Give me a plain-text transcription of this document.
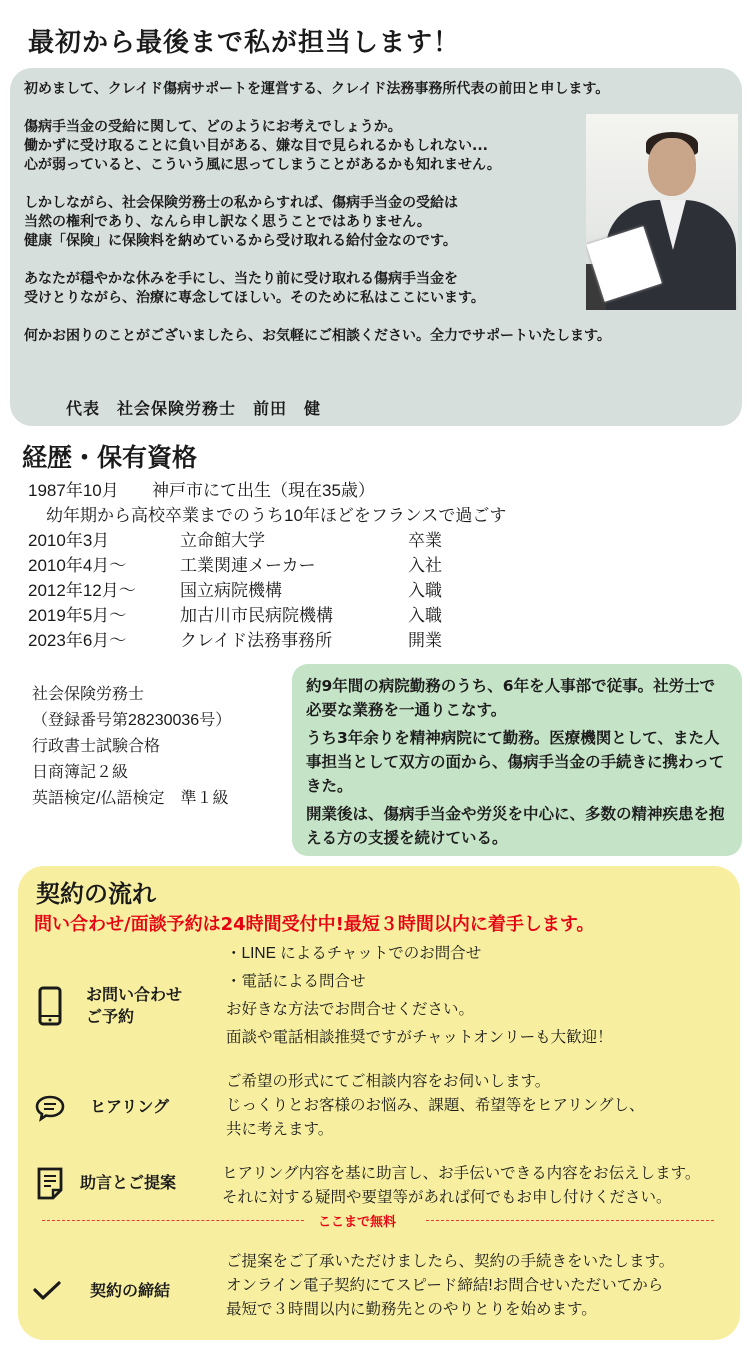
最初から最後まで私が担当します！

初めまして、クレイド傷病サポートを運営する、クレイド法務事務所代表の前田と申します。

傷病手当金の受給に関して、どのようにお考えでしょうか。

働かずに受け取ることに負い目がある、嫌な目で見られるかもしれない...

心が弱っていると、こういう風に思ってしまうことがあるかも知れません。

しかしながら、社会保険労務士の私からすれば、傷病手当金の受給は

当然の権利であり、なんら申し訳なく思うことではありません。

健康「保険」に保険料を納めているから受け取れる給付金なのです。

あなたが穏やかな休みを手にし、当たり前に受け取れる傷病手当金を

受けとりながら、治療に専念してほしい。そのために私はここにいます。

何かお困りのことがございましたら、お気軽にご相談ください。全力でサポートいたします。

代表　社会保険労務士　前田　健
経歴・保有資格
1987年10月 神戸市にて出生（現在35歳）
幼年期から高校卒業までのうち10年ほどをフランスで過ごす
2010年3月	立命館大学	卒業
2010年4月～	工業関連メーカー	入社
2012年12月～	国立病院機構	入職
2019年5月～	加古川市民病院機構	入職
2023年6月～	クレイド法務事務所	開業
社会保険労務士
（登録番号第28230036号）
行政書士試験合格
日商簿記２級
英語検定/仏語検定　準１級

約9年間の病院勤務のうち、6年を人事部で従事。社労士で必要な業務を一通りこなす。

うち3年余りを精神病院にて勤務。医療機関として、また人事担当として双方の面から、傷病手当金の手続きに携わってきた。

開業後は、傷病手当金や労災を中心に、多数の精神疾患を抱える方の支援を続けている。

契約の流れ
問い合わせ/面談予約は24時間受付中!最短３時間以内に着手します。
お問い合わせ
ご予約
・LINE によるチャットでのお問合せ
・電話による問合せ
お好きな方法でお問合せください。
面談や電話相談推奨ですがチャットオンリーも大歓迎！
ヒアリング
ご希望の形式にてご相談内容をお伺いします。
じっくりとお客様のお悩み、課題、希望等をヒアリングし、
共に考えます。
助言とご提案	ヒアリング内容を基に助言し、お手伝いできる内容をお伝えします。
それに対する疑問や要望等があれば何でもお申し付けください。
ここまで無料
契約の締結
ご提案をご了承いただけましたら、契約の手続きをいたします。
オンライン電子契約にてスピード締結!お問合せいただいてから
最短で３時間以内に勤務先とのやりとりを始めます。
